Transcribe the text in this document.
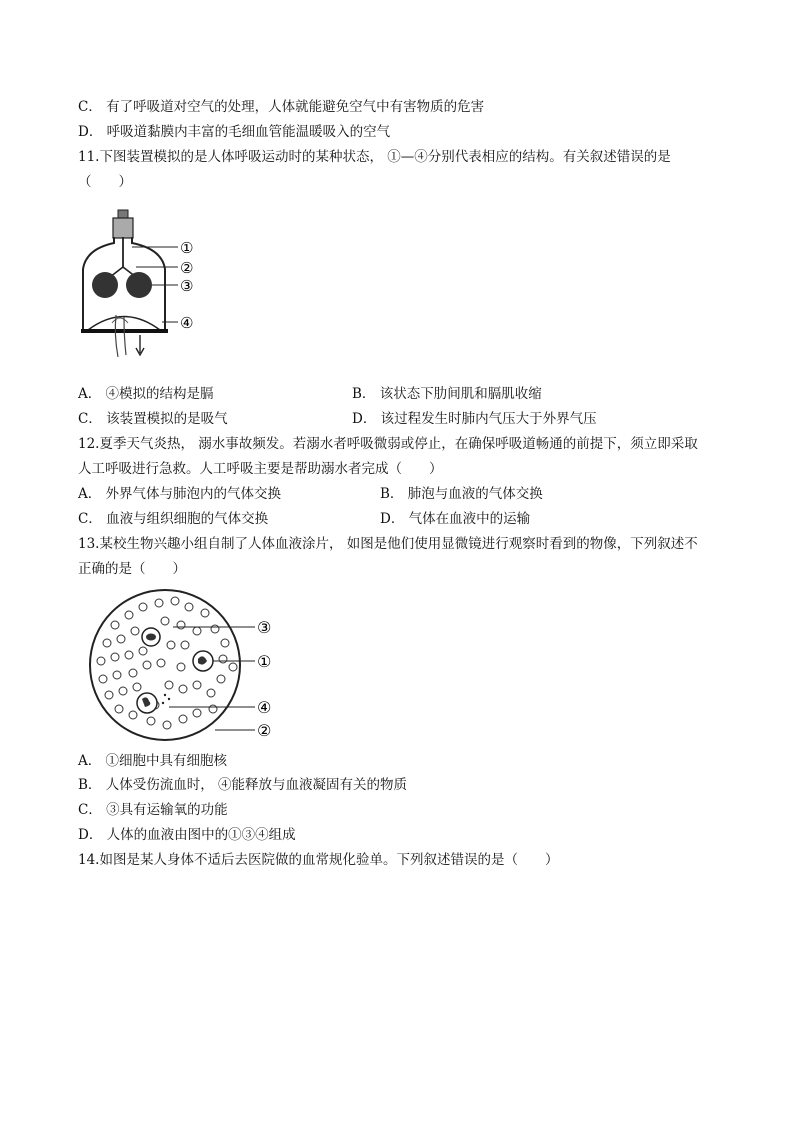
C． 有了呼吸道对空气的处理，人体就能避免空气中有害物质的危害
D． 呼吸道黏膜内丰富的毛细血管能温暖吸入的空气
11.下图装置模拟的是人体呼吸运动时的某种状态， ①—④分别代表相应的结构。有关叙述错误的是
（　　）
①
②
③
④
A． ④模拟的结构是膈	B． 该状态下肋间肌和膈肌收缩
C． 该装置模拟的是吸气	D． 该过程发生时肺内气压大于外界气压
12.夏季天气炎热， 溺水事故频发。若溺水者呼吸微弱或停止，在确保呼吸道畅通的前提下，须立即采取
人工呼吸进行急救。人工呼吸主要是帮助溺水者完成（　　）
A． 外界气体与肺泡内的气体交换	B． 肺泡与血液的气体交换
C． 血液与组织细胞的气体交换	D． 气体在血液中的运输
13.某校生物兴趣小组自制了人体血液涂片， 如图是他们使用显微镜进行观察时看到的物像，下列叙述不
正确的是（　　）
③
①
④
②
A． ①细胞中具有细胞核
B． 人体受伤流血时， ④能释放与血液凝固有关的物质
C． ③具有运输氧的功能
D． 人体的血液由图中的①③④组成
14.如图是某人身体不适后去医院做的血常规化验单。下列叙述错误的是（　　）
